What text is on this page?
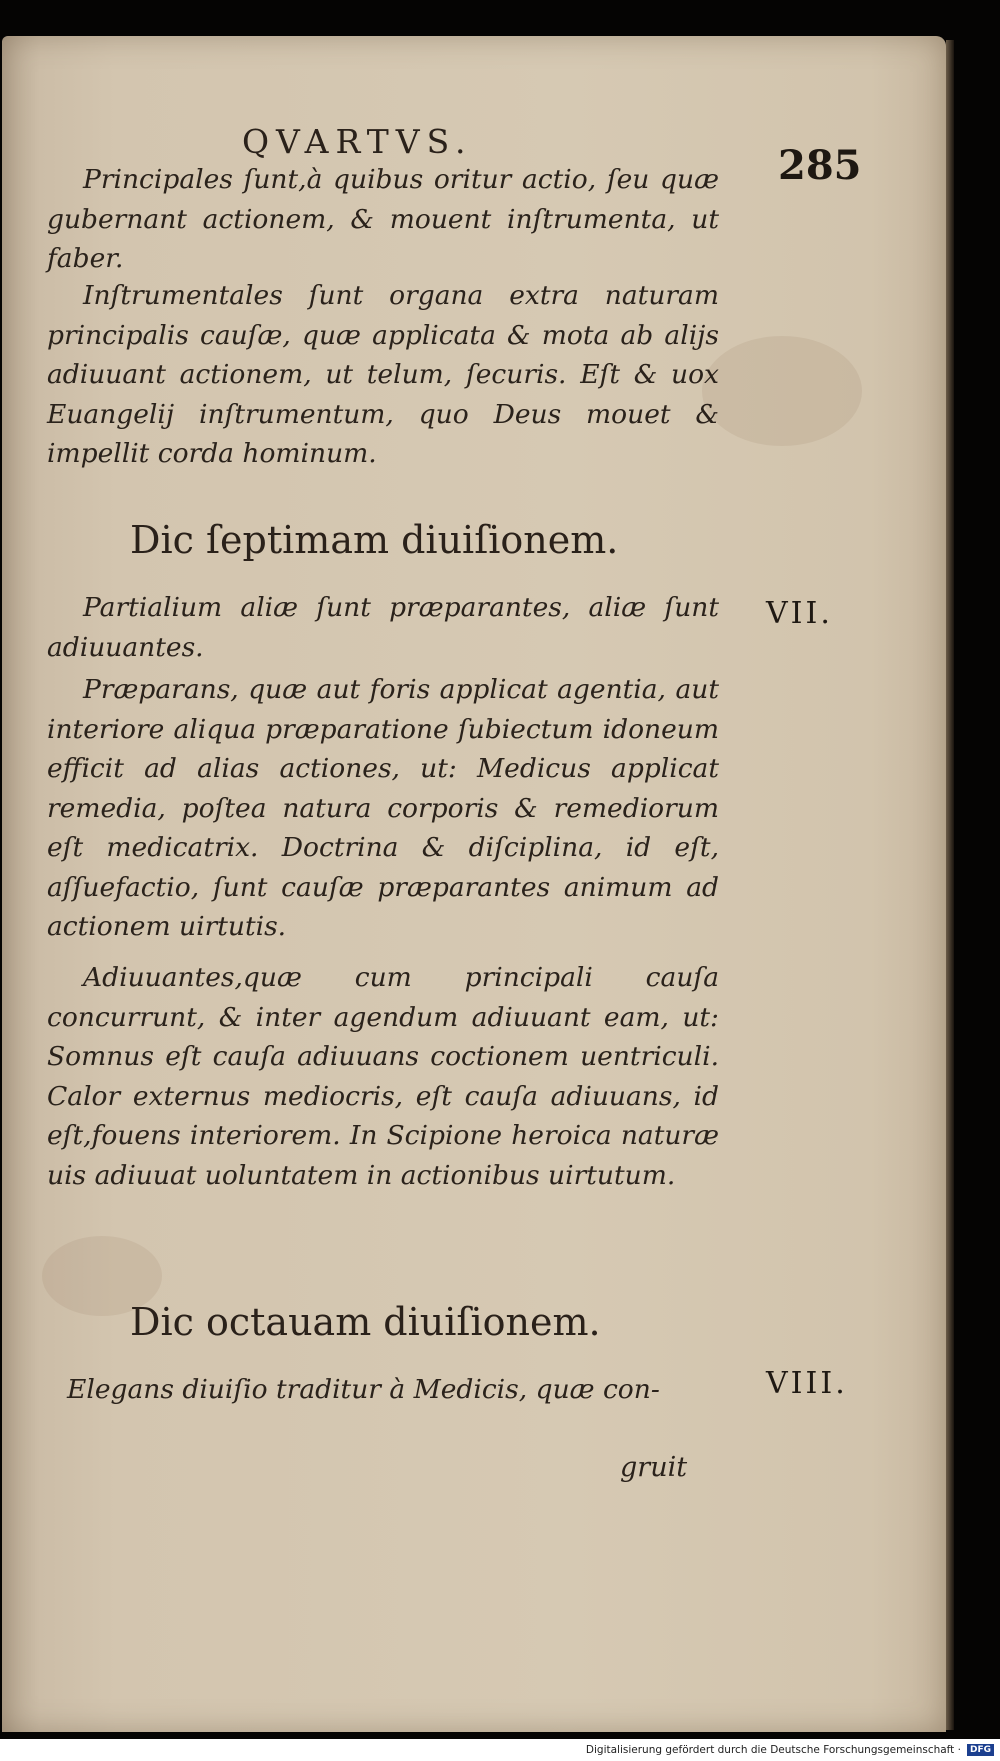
QVARTVS.
285
Principales ſunt,à quibus oritur actio, ſeu quæ gubernant actionem, & mouent inſtrumenta, ut faber.
Inſtrumentales ſunt organa extra naturam principalis cauſæ, quæ applicata & mota ab alijs adiuuant actionem, ut telum, ſecuris. Eſt & uox Euangelij inſtrumentum, quo Deus mouet & impellit corda hominum.
Dic ſeptimam diuiſionem.
VII.
Partialium aliæ ſunt præparantes, aliæ ſunt adiuuantes.
Præparans, quæ aut foris applicat agentia, aut interiore aliqua præparatione ſubiectum idoneum efficit ad alias actiones, ut: Medicus applicat remedia, poſtea natura corporis & remediorum eſt medicatrix. Doctrina & diſciplina, id eſt, aſſuefactio, ſunt cauſæ præparantes animum ad actionem uirtutis.
Adiuuantes,quæ cum principali cauſa concurrunt, & inter agendum adiuuant eam, ut: Somnus eſt cauſa adiuuans coctionem uentriculi. Calor externus mediocris, eſt cauſa adiuuans, id eſt,fouens interiorem. In Scipione heroica naturæ uis adiuuat uoluntatem in actionibus uirtutum.
Dic octauam diuiſionem.
VIII.
Elegans diuiſio traditur à Medicis, quæ con-
gruit
Digitalisierung gefördert durch die Deutsche Forschungsgemeinschaft ·	DFG
